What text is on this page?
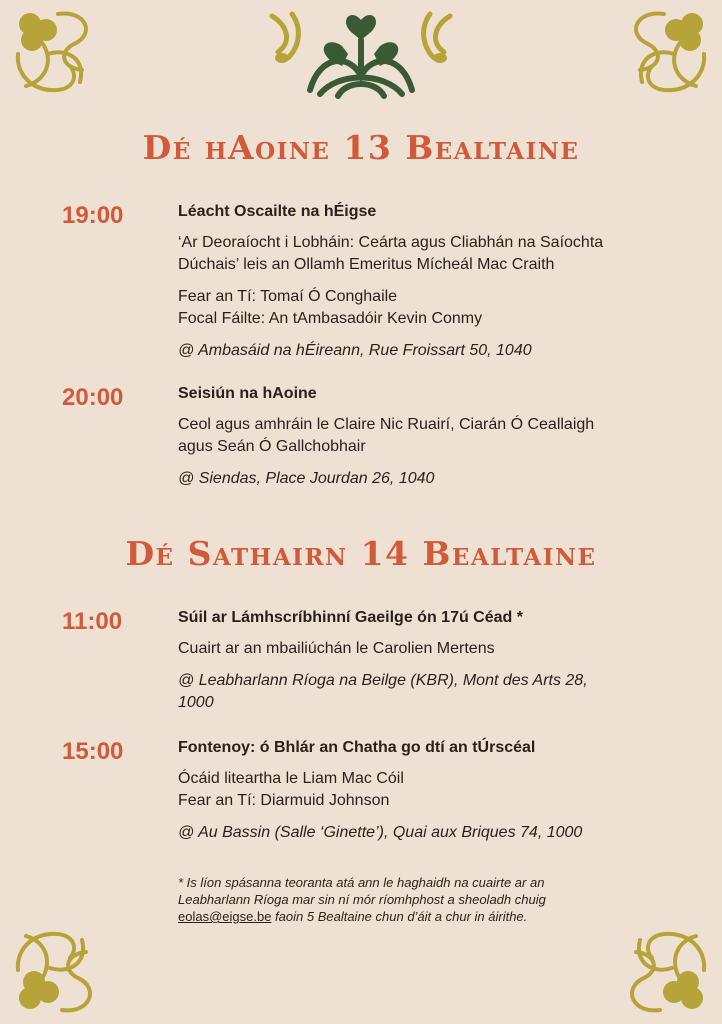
Dé hAoine 13 Bealtaine
19:00	Léacht Oscailte na hÉigse

‘Ar Deoraíocht i Lobháin: Ceárta agus Cliabhán na Saíochta

Dúchais’ leis an Ollamh Emeritus Mícheál Mac Craith

Fear an Tí: Tomaí Ó Conghaile

Focal Fáilte: An tAmbasadóir Kevin Conmy

@ Ambasáid na hÉireann, Rue Froissart 50, 1040

20:00	Seisiún na hAoine

Ceol agus amhráin le Claire Nic Ruairí, Ciarán Ó Ceallaigh

agus Seán Ó Gallchobhair

@ Siendas, Place Jourdan 26, 1040

Dé Sathairn 14 Bealtaine
11:00	Súil ar Lámhscríbhinní Gaeilge ón 17ú Céad *

Cuairt ar an mbailiúchán le Carolien Mertens

@ Leabharlann Ríoga na Beilge (KBR), Mont des Arts 28,

1000

15:00	Fontenoy: ó Bhlár an Chatha go dtí an tÚrscéal

Ócáid liteartha le Liam Mac Cóil

Fear an Tí: Diarmuid Johnson

@ Au Bassin (Salle ‘Ginette’), Quai aux Briques 74, 1000

* Is líon spásanna teoranta atá ann le haghaidh na cuairte ar an
Leabharlann Ríoga mar sin ní mór ríomhphost a sheoladh chuig
eolas@eigse.be faoin 5 Bealtaine chun d’áit a chur in áirithe.
